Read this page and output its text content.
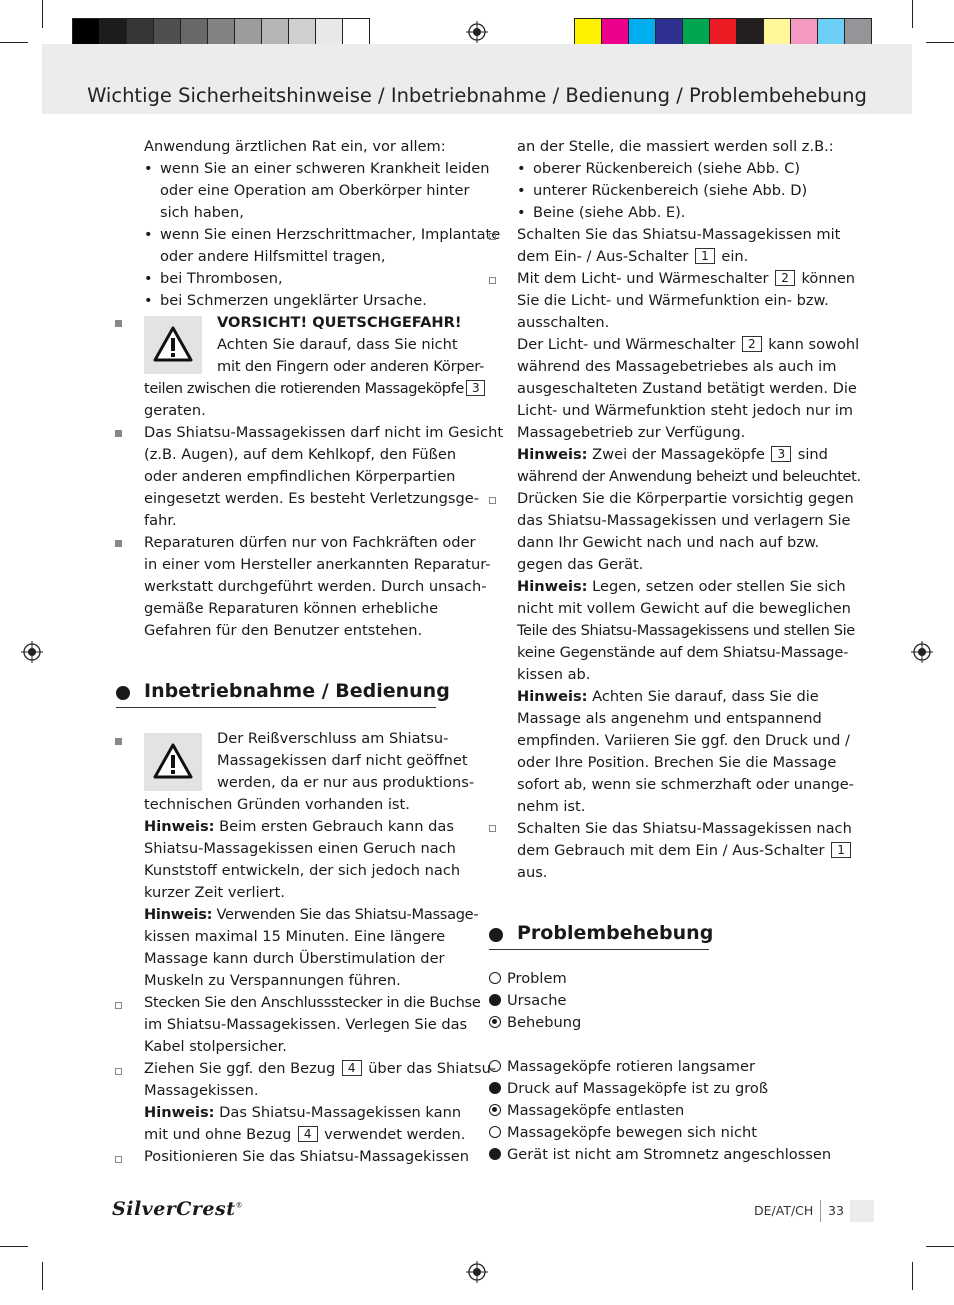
Wichtige Sicherheitshinweise / Inbetriebnahme / Bedienung / Problembehebung
Anwendung ärztlichen Rat ein, vor allem:
• wenn Sie an einer schweren Krankheit leiden
oder eine Operation am Oberkörper hinter
sich haben,
• wenn Sie einen Herzschrittmacher, Implantate
oder andere Hilfsmittel tragen,
• bei Thrombosen,
• bei Schmerzen ungeklärter Ursache.
VORSICHT! QUETSCHGEFAHR!
Achten Sie darauf, dass Sie nicht
mit den Fingern oder anderen Körper-
teilen zwischen die rotierenden Massageköpfe 3
geraten.
Das Shiatsu-Massagekissen darf nicht im Gesicht
(z.B. Augen), auf dem Kehlkopf, den Füßen
oder anderen empfindlichen Körperpartien
eingesetzt werden. Es besteht Verletzungsge-
fahr.
Reparaturen dürfen nur von Fachkräften oder
in einer vom Hersteller anerkannten Reparatur-
werkstatt durchgeführt werden. Durch unsach-
gemäße Reparaturen können erhebliche
Gefahren für den Benutzer entstehen.
Inbetriebnahme / Bedienung
Der Reißverschluss am Shiatsu-
Massagekissen darf nicht geöffnet
werden, da er nur aus produktions-
technischen Gründen vorhanden ist.
Hinweis: Beim ersten Gebrauch kann das
Shiatsu-Massagekissen einen Geruch nach
Kunststoff entwickeln, der sich jedoch nach
kurzer Zeit verliert.
Hinweis: Verwenden Sie das Shiatsu-Massage-
kissen maximal 15 Minuten. Eine längere
Massage kann durch Überstimulation der
Muskeln zu Verspannungen führen.
Stecken Sie den Anschlussstecker in die Buchse
im Shiatsu-Massagekissen. Verlegen Sie das
Kabel stolpersicher.
Ziehen Sie ggf. den Bezug 4 über das Shiatsu-
Massagekissen.
Hinweis: Das Shiatsu-Massagekissen kann
mit und ohne Bezug 4 verwendet werden.
Positionieren Sie das Shiatsu-Massagekissen
an der Stelle, die massiert werden soll z.B.:
• oberer Rückenbereich (siehe Abb. C)
• unterer Rückenbereich (siehe Abb. D)
• Beine (siehe Abb. E).
Schalten Sie das Shiatsu-Massagekissen mit
dem Ein- / Aus-Schalter 1 ein.
Mit dem Licht- und Wärmeschalter 2 können
Sie die Licht- und Wärmefunktion ein- bzw.
ausschalten.
Der Licht- und Wärmeschalter 2 kann sowohl
während des Massagebetriebes als auch im
ausgeschalteten Zustand betätigt werden. Die
Licht- und Wärmefunktion steht jedoch nur im
Massagebetrieb zur Verfügung.
Hinweis: Zwei der Massageköpfe 3 sind
während der Anwendung beheizt und beleuchtet.
Drücken Sie die Körperpartie vorsichtig gegen
das Shiatsu-Massagekissen und verlagern Sie
dann Ihr Gewicht nach und nach auf bzw.
gegen das Gerät.
Hinweis: Legen, setzen oder stellen Sie sich
nicht mit vollem Gewicht auf die beweglichen
Teile des Shiatsu-Massagekissens und stellen Sie
keine Gegenstände auf dem Shiatsu-Massage-
kissen ab.
Hinweis: Achten Sie darauf, dass Sie die
Massage als angenehm und entspannend
empfinden. Variieren Sie ggf. den Druck und /
oder Ihre Position. Brechen Sie die Massage
sofort ab, wenn sie schmerzhaft oder unange-
nehm ist.
Schalten Sie das Shiatsu-Massagekissen nach
dem Gebrauch mit dem Ein / Aus-Schalter 1
aus.
Problembehebung
Problem
Ursache
Behebung
Massageköpfe rotieren langsamer
Druck auf Massageköpfe ist zu groß
Massageköpfe entlasten
Massageköpfe bewegen sich nicht
Gerät ist nicht am Stromnetz angeschlossen
SilverCrest®	DE/AT/CH 33
